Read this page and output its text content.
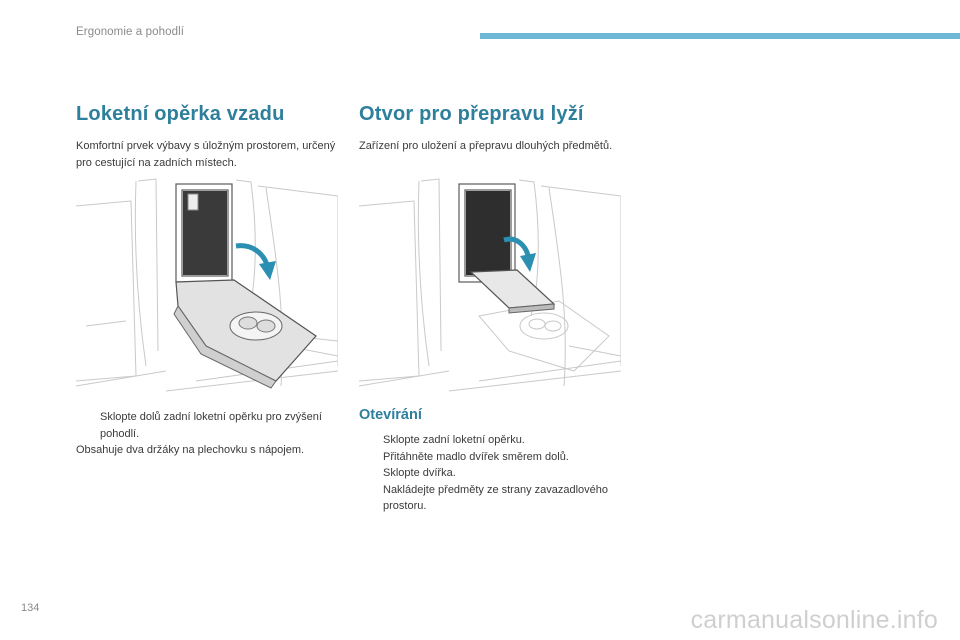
Ergonomie a pohodlí
Loketní opěrka vzadu

Komfortní prvek výbavy s úložným prostorem, určený pro cestující na zadních místech.

Sklopte dolů zadní loketní opěrku pro zvýšení pohodlí.

Obsahuje dva držáky na plechovku s nápojem.

Otvor pro přepravu lyží

Zařízení pro uložení a přepravu dlouhých předmětů.

Otevírání
Sklopte zadní loketní opěrku.
Přitáhněte madlo dvířek směrem dolů.
Sklopte dvířka.
Nakládejte předměty ze strany zavazadlového prostoru.
134	carmanualsonline.info
